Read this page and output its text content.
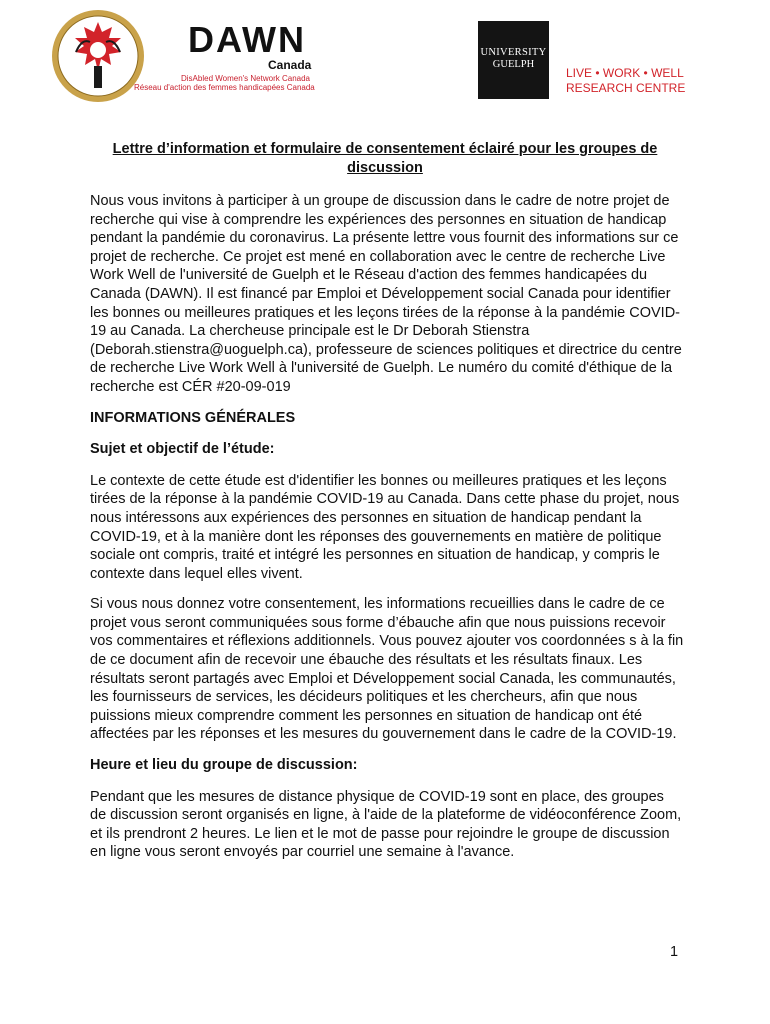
DAWN
Canada
DisAbled Women's Network Canada
Réseau d'action des femmes handicapées Canada
UNIVERSITY
GUELPH
LIVE • WORK • WELL
RESEARCH CENTRE
Lettre d’information et formulaire de consentement éclairé pour les groupes de discussion

Nous vous invitons à participer à un groupe de discussion dans le cadre de notre projet de recherche qui vise à comprendre les expériences des personnes en situation de handicap pendant la pandémie du coronavirus. La présente lettre vous fournit des informations sur ce projet de recherche. Ce projet est mené en collaboration avec le centre de recherche Live Work Well de l'université de Guelph et le Réseau d'action des femmes handicapées du Canada (DAWN). Il est financé par Emploi et Développement social Canada pour identifier les bonnes ou meilleures pratiques et les leçons tirées de la réponse à la pandémie COVID-19 au Canada. La chercheuse principale est le Dr Deborah Stienstra (Deborah.stienstra@uoguelph.ca), professeure de sciences politiques et directrice du centre de recherche Live Work Well à l'université de Guelph. Le numéro du comité d'éthique de la recherche est CÉR #20-09-019

INFORMATIONS GÉNÉRALES

Sujet et objectif de l’étude:

Le contexte de cette étude est d'identifier les bonnes ou meilleures pratiques et les leçons tirées de la réponse à la pandémie COVID-19 au Canada. Dans cette phase du projet, nous nous intéressons aux expériences des personnes en situation de handicap pendant la COVID-19, et à la manière dont les réponses des gouvernements en matière de politique sociale ont compris, traité et intégré les personnes en situation de handicap, y compris le contexte dans lequel elles vivent.

Si vous nous donnez votre consentement, les informations recueillies dans le cadre de ce projet vous seront communiquées sous forme d’ébauche afin que nous puissions recevoir vos commentaires et réflexions additionnels. Vous pouvez ajouter vos coordonnées s à la fin de ce document afin de recevoir une ébauche des résultats et les résultats finaux. Les résultats seront partagés avec Emploi et Développement social Canada, les communautés, les fournisseurs de services, les décideurs politiques et les chercheurs, afin que nous puissions mieux comprendre comment les personnes en situation de handicap ont été affectées par les réponses et les mesures du gouvernement dans le cadre de la COVID-19.

Heure et lieu du groupe de discussion:

Pendant que les mesures de distance physique de COVID-19 sont en place, des groupes de discussion seront organisés en ligne, à l'aide de la plateforme de vidéoconférence Zoom, et ils prendront 2 heures. Le lien et le mot de passe pour rejoindre le groupe de discussion en ligne vous seront envoyés par courriel une semaine à l'avance.

1
